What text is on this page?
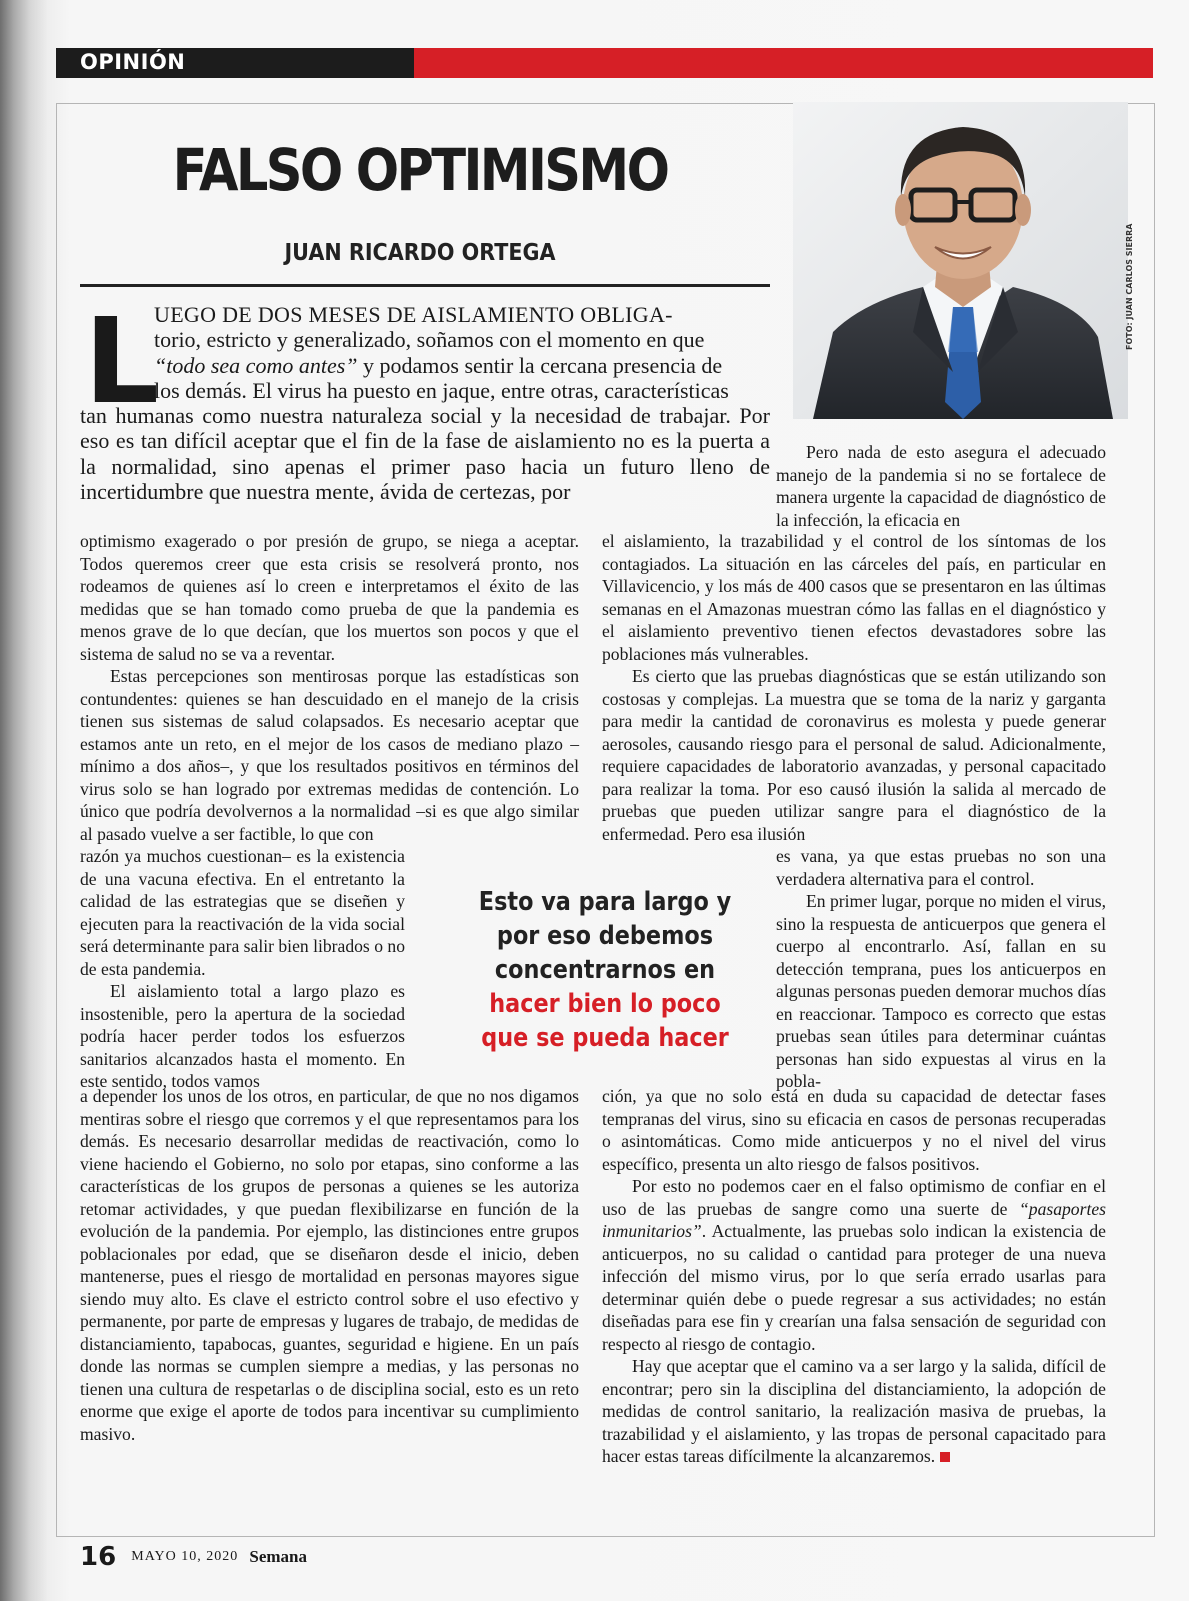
OPINIÓN
FALSO OPTIMISMO
JUAN RICARDO ORTEGA	FOTO: JUAN CARLOS SIERRA
L
UEGO DE DOS MESES DE AISLAMIENTO OBLIGA-
torio, estricto y generalizado, soñamos con el momento en que
“todo sea como antes” y podamos sentir la cercana presencia de
los demás. El virus ha puesto en jaque, entre otras, características

tan humanas como nuestra naturaleza social y la necesidad de trabajar. Por eso es tan difícil aceptar que el fin de la fase de aislamiento no es la puerta a la normalidad, sino apenas el primer paso hacia un futuro lleno de incertidumbre que nuestra mente, ávida de certezas, por

Pero nada de esto asegura el adecuado manejo de la pandemia si no se fortalece de manera urgente la capacidad de diagnóstico de la infección, la eficacia en

optimismo exagerado o por presión de grupo, se niega a aceptar. Todos queremos creer que esta crisis se resolverá pronto, nos rodeamos de quienes así lo creen e interpretamos el éxito de las medidas que se han tomado como prueba de que la pandemia es menos grave de lo que decían, que los muertos son pocos y que el sistema de salud no se va a reventar.

Estas percepciones son mentirosas porque las estadísticas son contundentes: quienes se han descuidado en el manejo de la crisis tienen sus sistemas de salud colapsados. Es necesario aceptar que estamos ante un reto, en el mejor de los casos de mediano plazo –mínimo a dos años–, y que los resultados positivos en términos del virus solo se han logrado por extremas medidas de contención. Lo único que podría devolvernos a la normalidad –si es que algo similar al pasado vuelve a ser factible, lo que con

razón ya muchos cuestionan– es la existencia de una vacuna efectiva. En el entretanto la calidad de las estrategias que se diseñen y ejecuten para la reactivación de la vida social será determinante para salir bien librados o no de esta pandemia.

El aislamiento total a largo plazo es insostenible, pero la apertura de la sociedad podría hacer perder todos los esfuerzos sanitarios alcanzados hasta el momento. En este sentido, todos vamos

a depender los unos de los otros, en particular, de que no nos digamos mentiras sobre el riesgo que corremos y el que representamos para los demás. Es necesario desarrollar medidas de reactivación, como lo viene haciendo el Gobierno, no solo por etapas, sino conforme a las características de los grupos de personas a quienes se les autoriza retomar actividades, y que puedan flexibilizarse en función de la evolución de la pandemia. Por ejemplo, las distinciones entre grupos poblacionales por edad, que se diseñaron desde el inicio, deben mantenerse, pues el riesgo de mortalidad en personas mayores sigue siendo muy alto. Es clave el estricto control sobre el uso efectivo y permanente, por parte de empresas y lugares de trabajo, de medidas de distanciamiento, tapabocas, guantes, seguridad e higiene. En un país donde las normas se cumplen siempre a medias, y las personas no tienen una cultura de respetarlas o de disciplina social, esto es un reto enorme que exige el aporte de todos para incentivar su cumplimiento masivo.

el aislamiento, la trazabilidad y el control de los síntomas de los contagiados. La situación en las cárceles del país, en particular en Villavicencio, y los más de 400 casos que se presentaron en las últimas semanas en el Amazonas muestran cómo las fallas en el diagnóstico y el aislamiento preventivo tienen efectos devastadores sobre las poblaciones más vulnerables.

Es cierto que las pruebas diagnósticas que se están utilizando son costosas y complejas. La muestra que se toma de la nariz y garganta para medir la cantidad de coronavirus es molesta y puede generar aerosoles, causando riesgo para el personal de salud. Adicionalmente, requiere capacidades de laboratorio avanzadas, y personal capacitado para realizar la toma. Por eso causó ilusión la salida al mercado de pruebas que pueden utilizar sangre para el diagnóstico de la enfermedad. Pero esa ilusión

es vana, ya que estas pruebas no son una verdadera alternativa para el control.

En primer lugar, porque no miden el virus, sino la respuesta de anticuerpos que genera el cuerpo al encontrarlo. Así, fallan en su detección temprana, pues los anticuerpos en algunas personas pueden demorar muchos días en reaccionar. Tampoco es correcto que estas pruebas sean útiles para determinar cuántas personas han sido expuestas al virus en la pobla-

ción, ya que no solo está en duda su capacidad de detectar fases tempranas del virus, sino su eficacia en casos de personas recuperadas o asintomáticas. Como mide anticuerpos y no el nivel del virus específico, presenta un alto riesgo de falsos positivos.

Por esto no podemos caer en el falso optimismo de confiar en el uso de las pruebas de sangre como una suerte de “pasaportes inmunitarios”. Actualmente, las pruebas solo indican la existencia de anticuerpos, no su calidad o cantidad para proteger de una nueva infección del mismo virus, por lo que sería errado usarlas para determinar quién debe o puede regresar a sus actividades; no están diseñadas para ese fin y crearían una falsa sensación de seguridad con respecto al riesgo de contagio.

Hay que aceptar que el camino va a ser largo y la salida, difícil de encontrar; pero sin la disciplina del distanciamiento, la adopción de medidas de control sanitario, la realización masiva de pruebas, la trazabilidad y el aislamiento, y las tropas de personal capacitado para hacer estas tareas difícilmente la alcanzaremos.

Esto va para largo y
por eso debemos
concentrarnos en
hacer bien lo poco
que se pueda hacer
16 MAYO 10, 2020 Semana
